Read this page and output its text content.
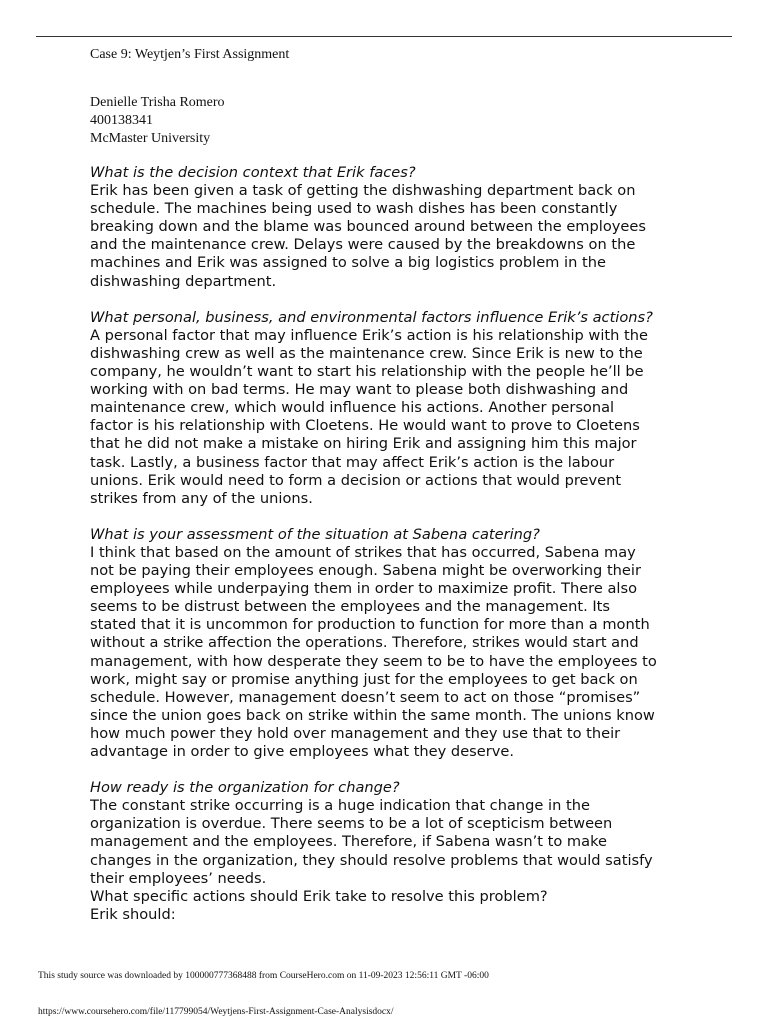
Case 9: Weytjen’s First Assignment
Denielle Trisha Romero
400138341
McMaster University
What is the decision context that Erik faces?
Erik has been given a task of getting the dishwashing department back on
schedule. The machines being used to wash dishes has been constantly
breaking down and the blame was bounced around between the employees
and the maintenance crew. Delays were caused by the breakdowns on the
machines and Erik was assigned to solve a big logistics problem in the
dishwashing department.
What personal, business, and environmental factors influence Erik’s actions?
A personal factor that may influence Erik’s action is his relationship with the
dishwashing crew as well as the maintenance crew. Since Erik is new to the
company, he wouldn’t want to start his relationship with the people he’ll be
working with on bad terms. He may want to please both dishwashing and
maintenance crew, which would influence his actions. Another personal
factor is his relationship with Cloetens. He would want to prove to Cloetens
that he did not make a mistake on hiring Erik and assigning him this major
task. Lastly, a business factor that may affect Erik’s action is the labour
unions. Erik would need to form a decision or actions that would prevent
strikes from any of the unions.
What is your assessment of the situation at Sabena catering?
I think that based on the amount of strikes that has occurred, Sabena may
not be paying their employees enough. Sabena might be overworking their
employees while underpaying them in order to maximize profit. There also
seems to be distrust between the employees and the management. Its
stated that it is uncommon for production to function for more than a month
without a strike affection the operations. Therefore, strikes would start and
management, with how desperate they seem to be to have the employees to
work, might say or promise anything just for the employees to get back on
schedule. However, management doesn’t seem to act on those “promises”
since the union goes back on strike within the same month. The unions know
how much power they hold over management and they use that to their
advantage in order to give employees what they deserve.
How ready is the organization for change?
The constant strike occurring is a huge indication that change in the
organization is overdue. There seems to be a lot of scepticism between
management and the employees. Therefore, if Sabena wasn’t to make
changes in the organization, they should resolve problems that would satisfy
their employees’ needs.
What specific actions should Erik take to resolve this problem?
Erik should:
This study source was downloaded by 100000777368488 from CourseHero.com on 11-09-2023 12:56:11 GMT -06:00
https://www.coursehero.com/file/117799054/Weytjens-First-Assignment-Case-Analysisdocx/
